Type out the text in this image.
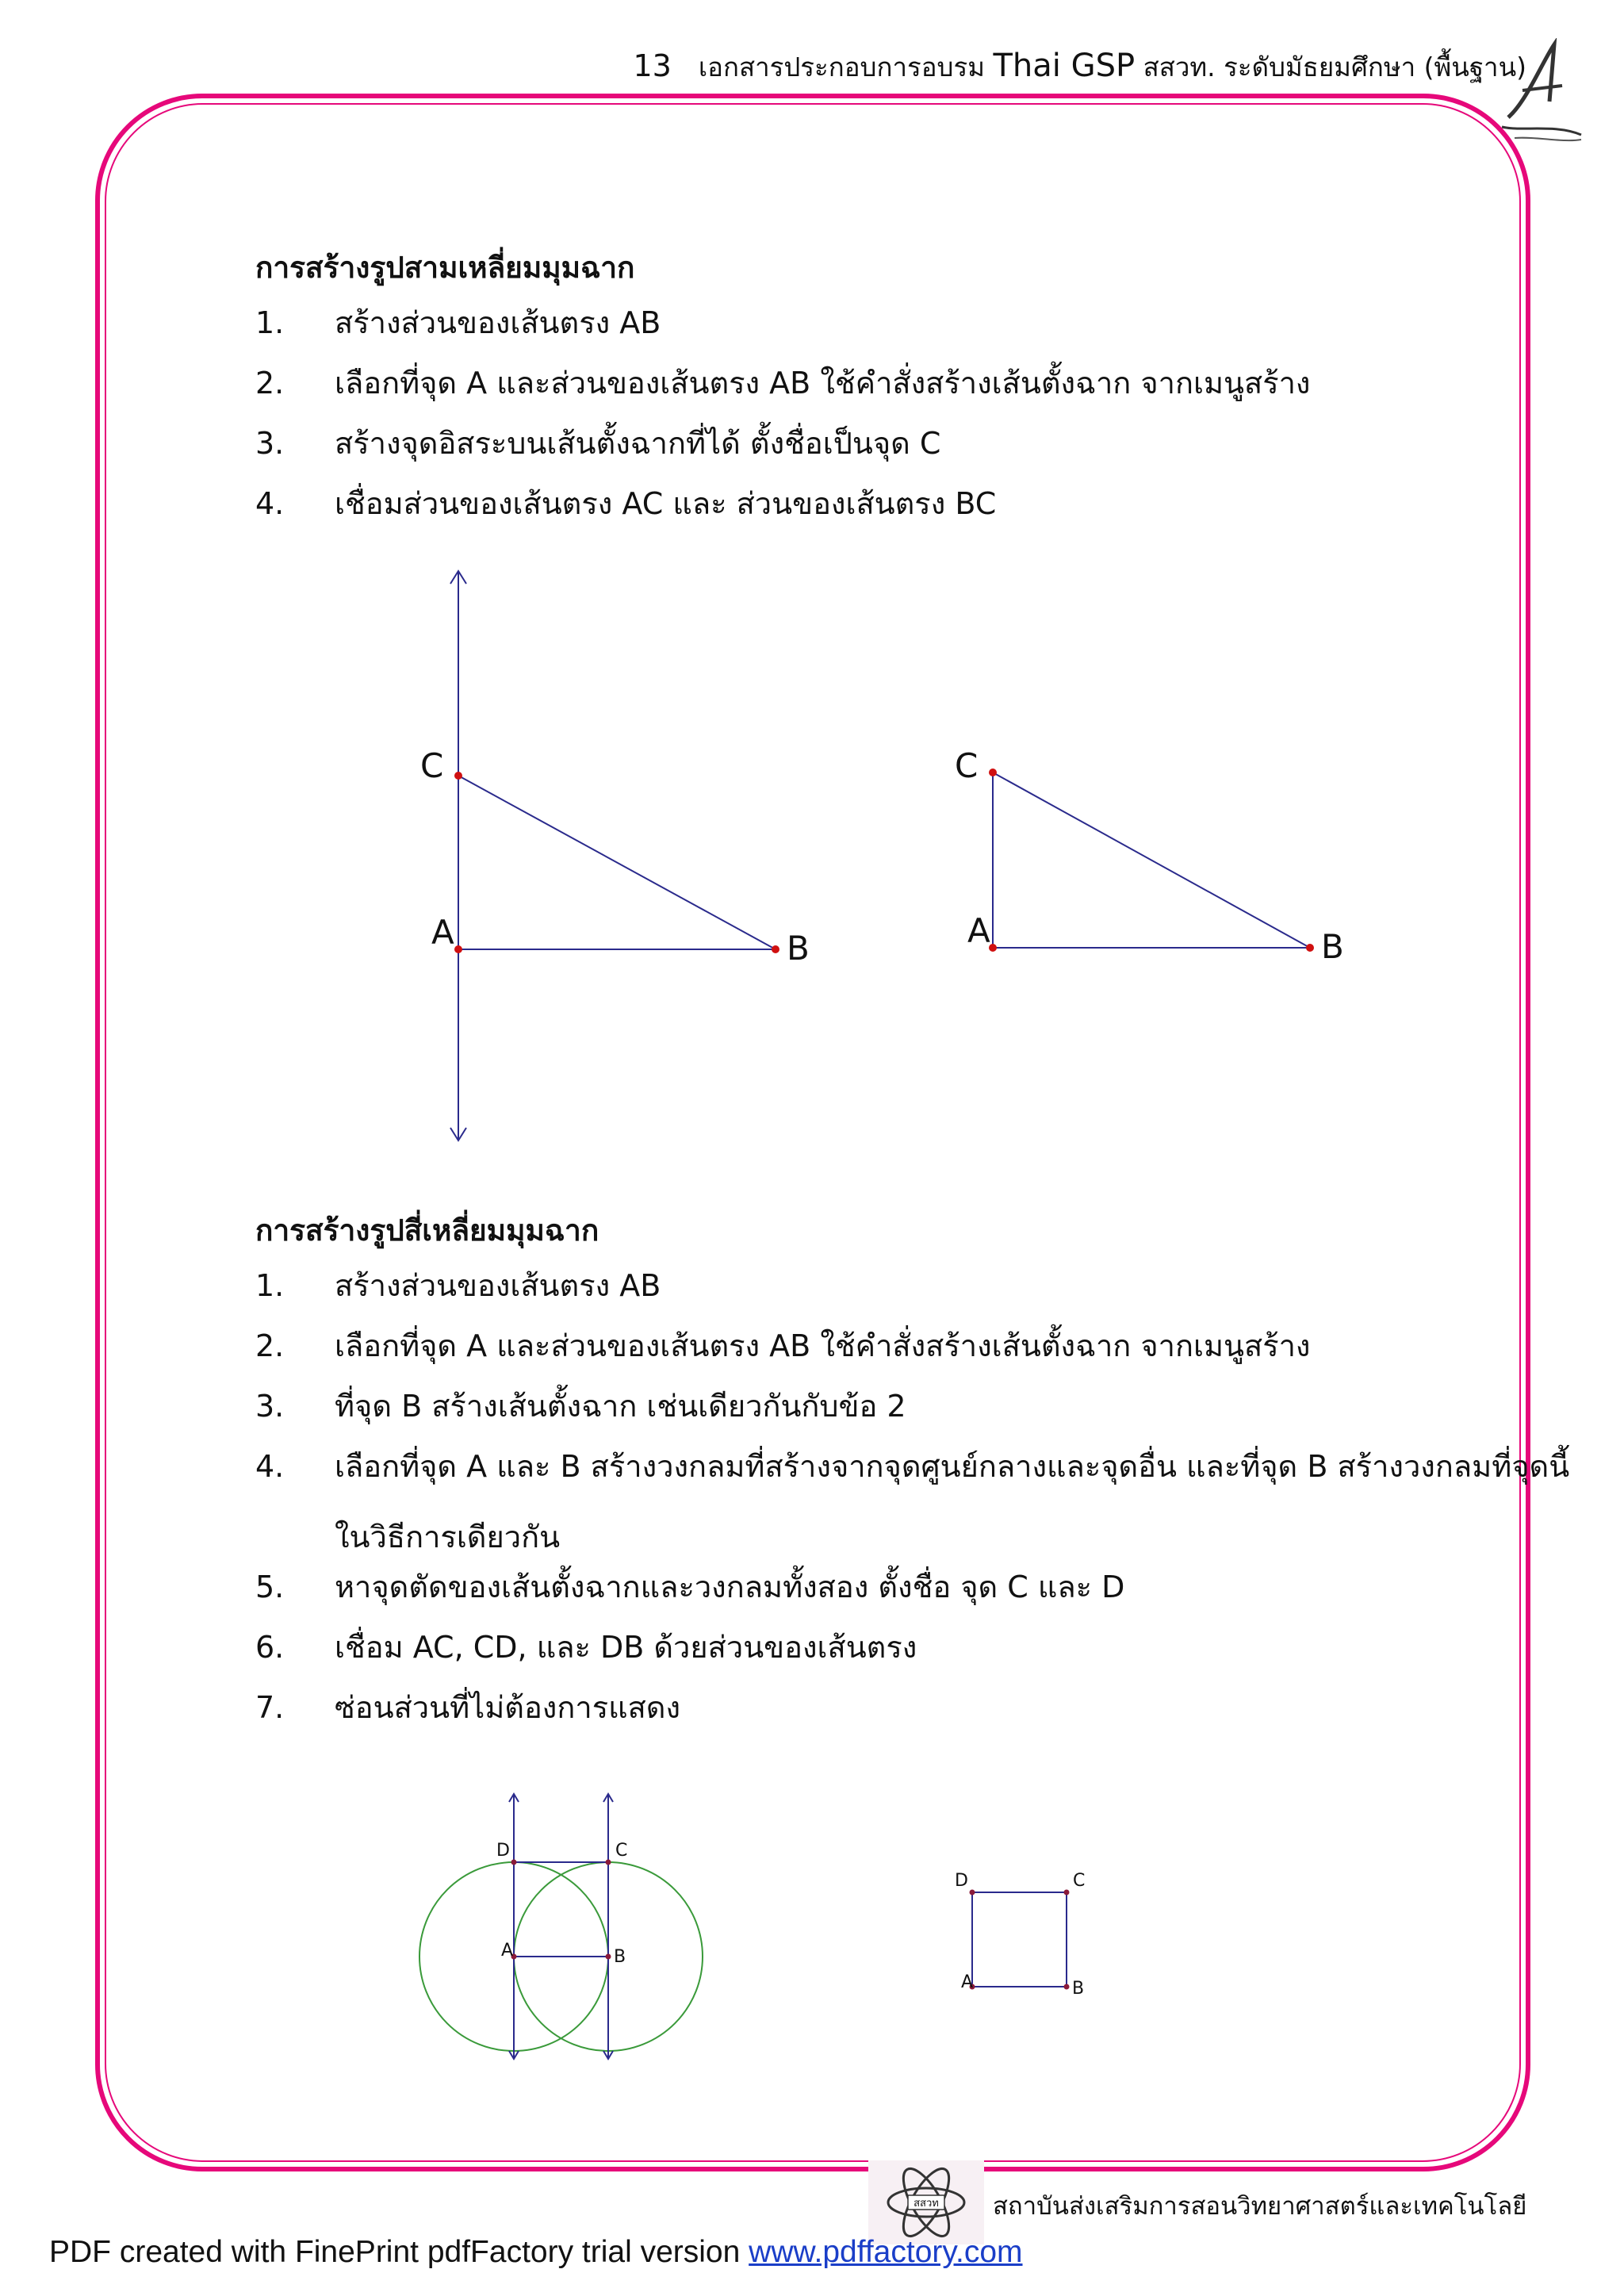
13 เอกสารประกอบการอบรม Thai GSP สสวท. ระดับมัธยมศึกษา (พื้นฐาน)
การสร้างรูปสามเหลี่ยมมุมฉาก
1. สร้างส่วนของเส้นตรง AB
2. เลือกที่จุด A และส่วนของเส้นตรง AB ใช้คำสั่งสร้างเส้นตั้งฉาก จากเมนูสร้าง
3. สร้างจุดอิสระบนเส้นตั้งฉากที่ได้ ตั้งชื่อเป็นจุด C
4. เชื่อมส่วนของเส้นตรง AC และ ส่วนของเส้นตรง BC
C
A	B
C
A	B
การสร้างรูปสี่เหลี่ยมมุมฉาก
1. สร้างส่วนของเส้นตรง AB
2. เลือกที่จุด A และส่วนของเส้นตรง AB ใช้คำสั่งสร้างเส้นตั้งฉาก จากเมนูสร้าง
3. ที่จุด B สร้างเส้นตั้งฉาก เช่นเดียวกันกับข้อ 2
4. เลือกที่จุด A และ B สร้างวงกลมที่สร้างจากจุดศูนย์กลางและจุดอื่น และที่จุด B สร้างวงกลมที่จุดนี้
ในวิธีการเดียวกัน
5. หาจุดตัดของเส้นตั้งฉากและวงกลมทั้งสอง ตั้งชื่อ จุด C และ D
6. เชื่อม AC, CD, และ DB ด้วยส่วนของเส้นตรง
7. ซ่อนส่วนที่ไม่ต้องการแสดง
D	C
A	B
D	C
A	B
สสวท สถาบันส่งเสริมการสอนวิทยาศาสตร์และเทคโนโลยี
PDF created with FinePrint pdfFactory trial version www.pdffactory.com
